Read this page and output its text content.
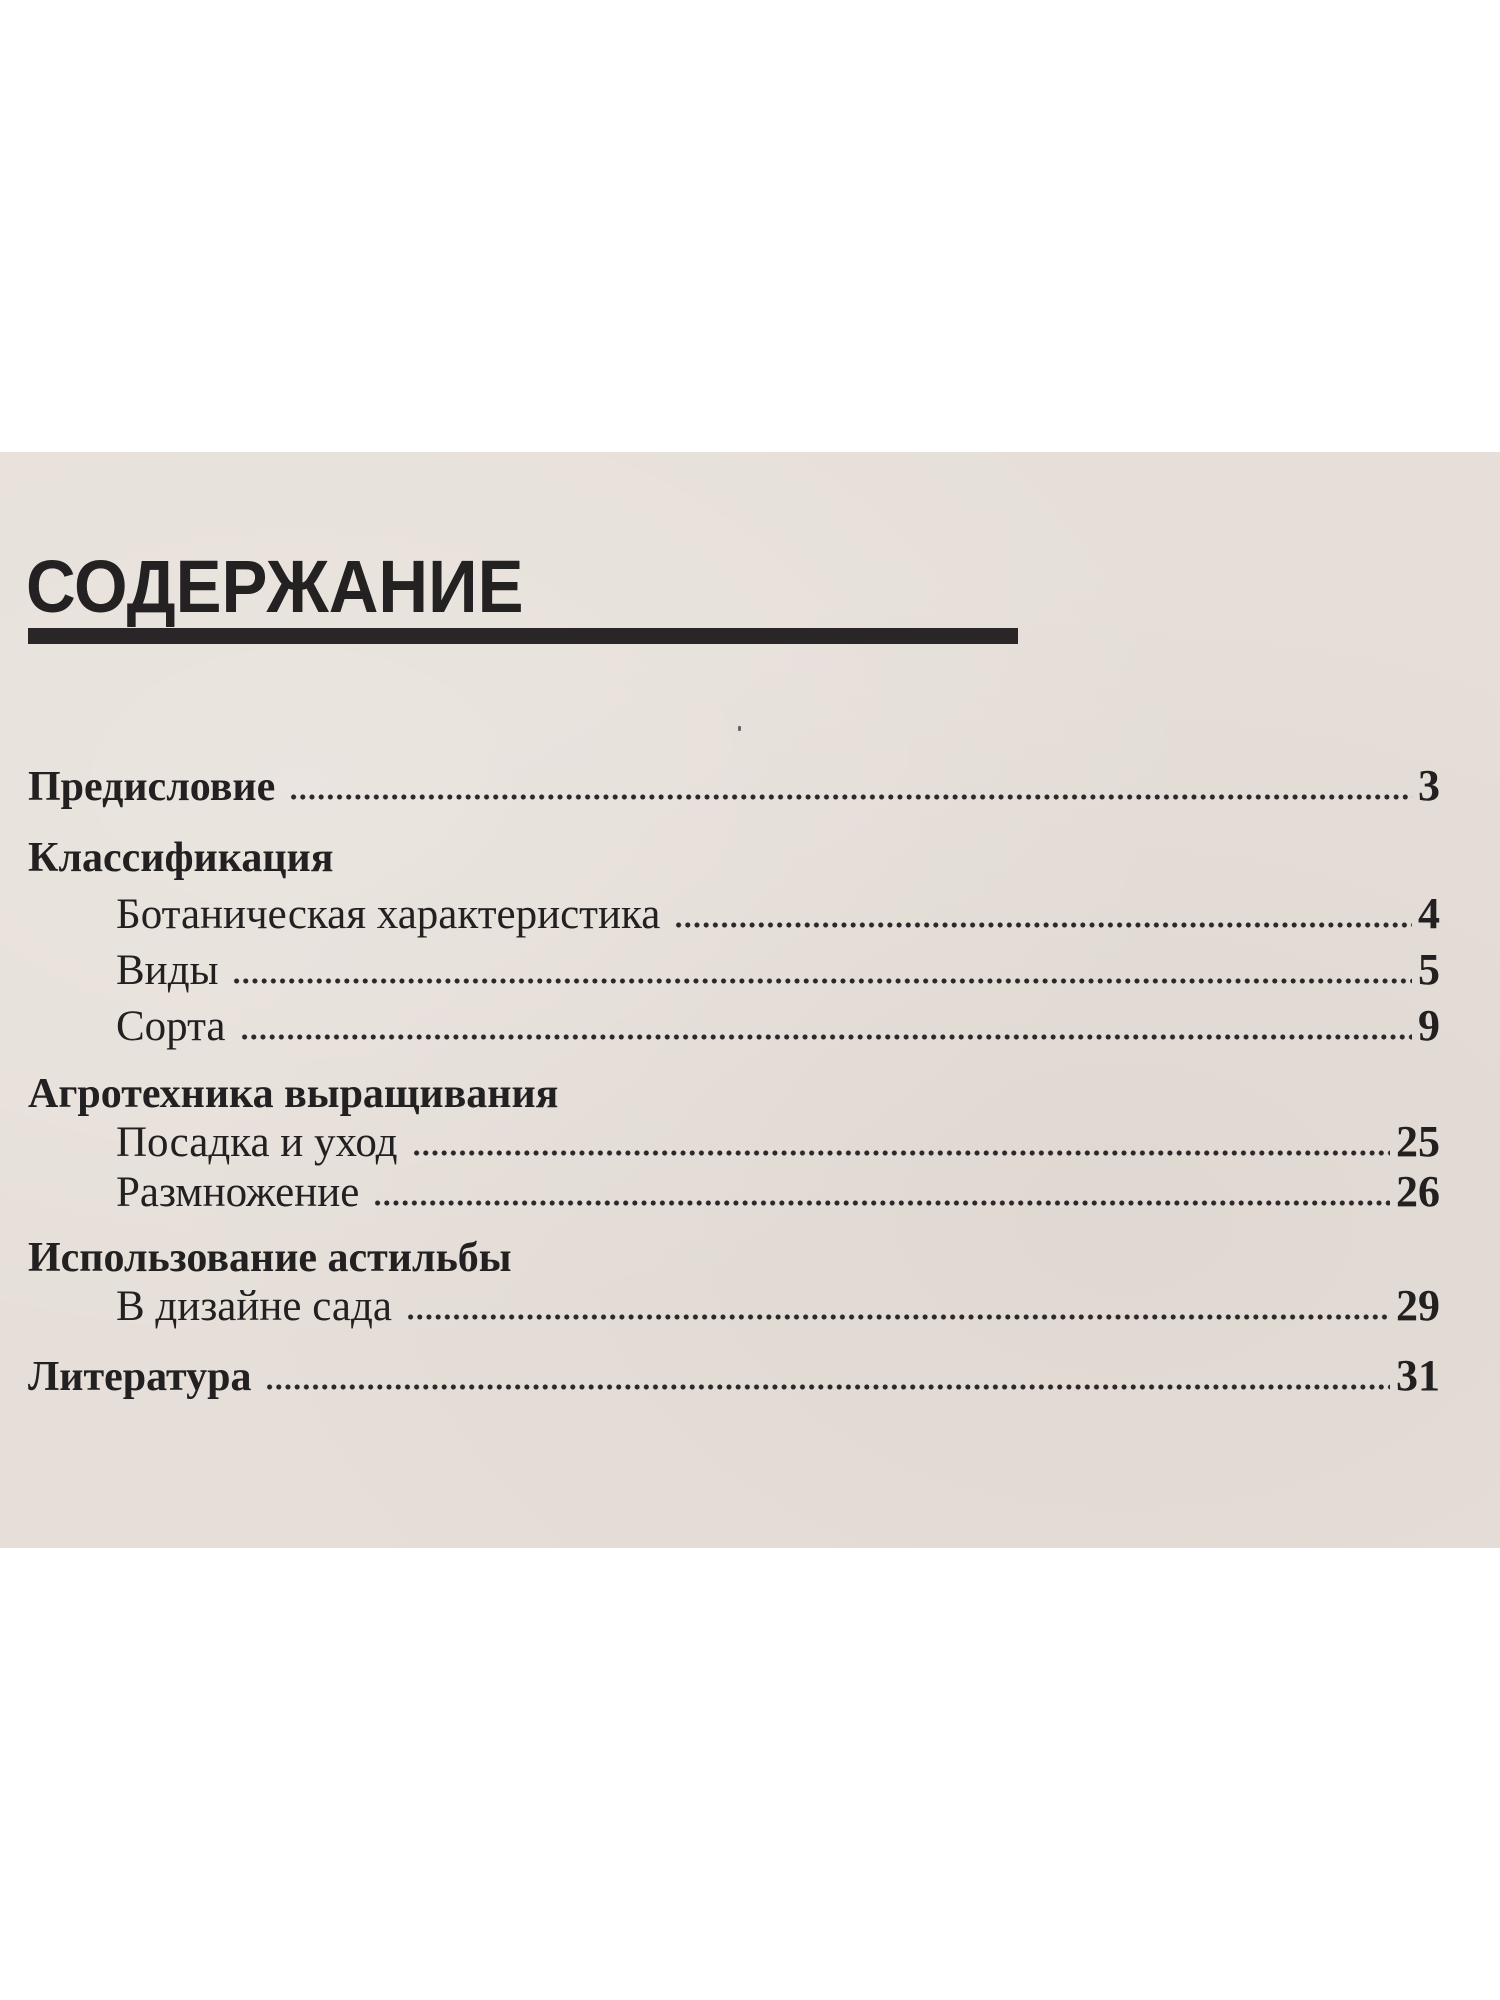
СОДЕРЖАНИЕ
Предисловие	3
Классификация
Ботаническая характеристика	4
Виды	5
Сорта	9
Агротехника выращивания
Посадка и уход	25
Размножение	26
Использование астильбы
В дизайне сада	29
Литература	31
